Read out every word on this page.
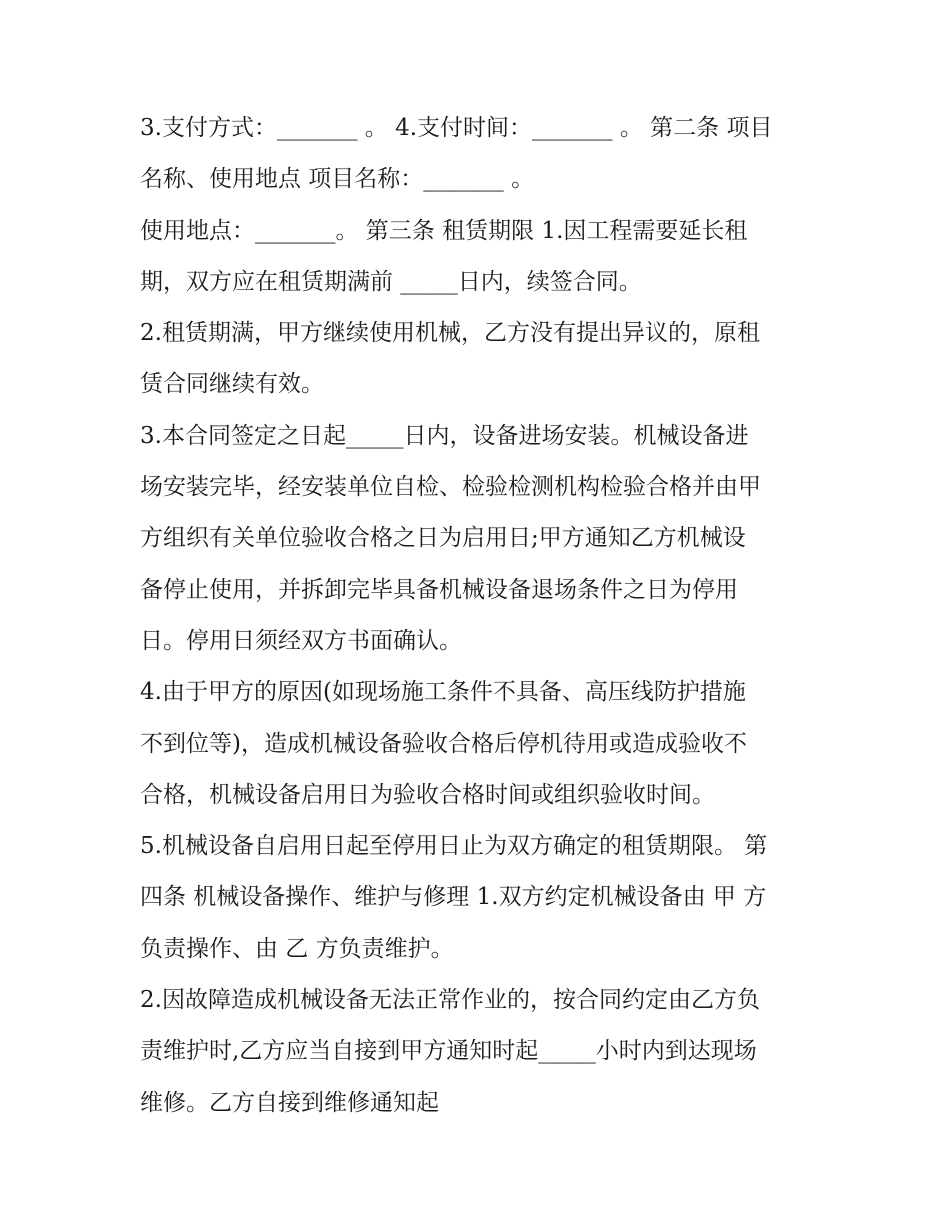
3.支付方式：_______ 。 4.支付时间：_______ 。 第二条 项目
名称、使用地点 项目名称：_______ 。
使用地点：_______。 第三条 租赁期限 1.因工程需要延长租
期，双方应在租赁期满前 _____日内，续签合同。
2.租赁期满，甲方继续使用机械，乙方没有提出异议的，原租
赁合同继续有效。
3.本合同签定之日起_____日内，设备进场安装。机械设备进
场安装完毕，经安装单位自检、检验检测机构检验合格并由甲
方组织有关单位验收合格之日为启用日;甲方通知乙方机械设
备停止使用，并拆卸完毕具备机械设备退场条件之日为停用
日。停用日须经双方书面确认。
4.由于甲方的原因(如现场施工条件不具备、高压线防护措施
不到位等)，造成机械设备验收合格后停机待用或造成验收不
合格，机械设备启用日为验收合格时间或组织验收时间。
5.机械设备自启用日起至停用日止为双方确定的租赁期限。 第
四条 机械设备操作、维护与修理 1.双方约定机械设备由 甲 方
负责操作、由 乙 方负责维护。
2.因故障造成机械设备无法正常作业的，按合同约定由乙方负
责维护时,乙方应当自接到甲方通知时起_____小时内到达现场
维修。乙方自接到维修通知起
